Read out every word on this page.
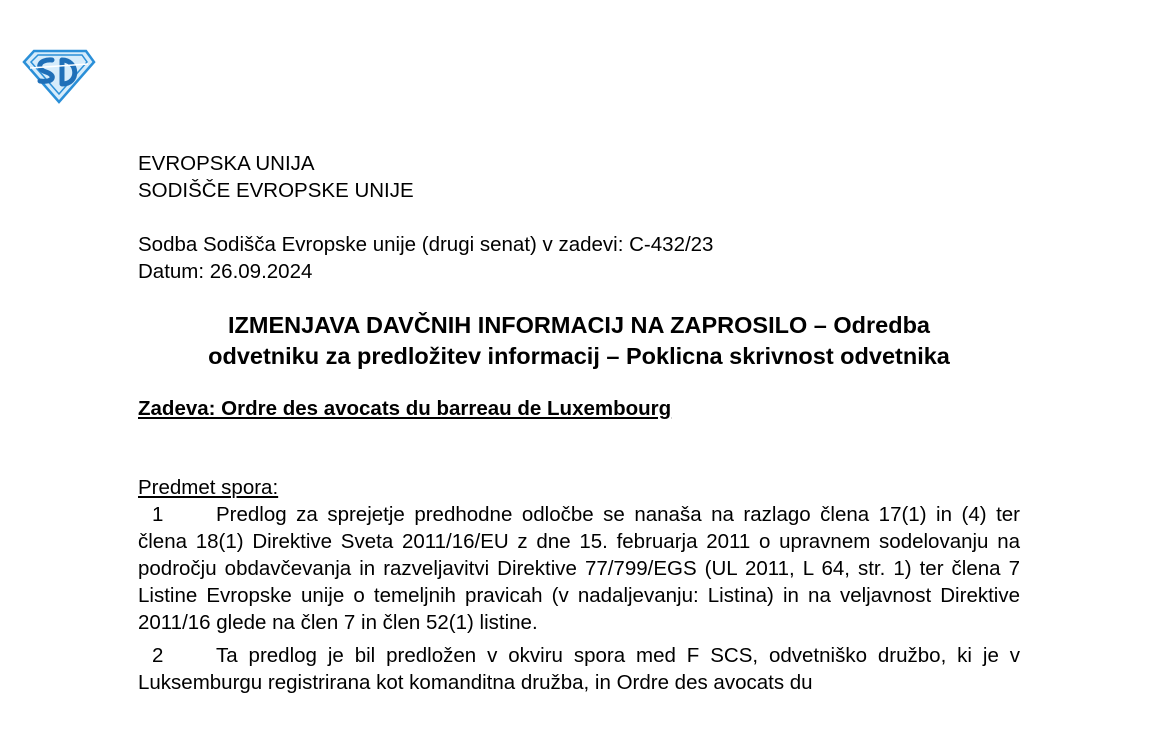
EVROPSKA UNIJA
SODIŠČE EVROPSKE UNIJE
Sodba Sodišča Evropske unije (drugi senat) v zadevi: C-432/23
Datum: 26.09.2024
IZMENJAVA DAVČNIH INFORMACIJ NA ZAPROSILO – Odredba
odvetniku za predložitev informacij – Poklicna skrivnost odvetnika
Zadeva: Ordre des avocats du barreau de Luxembourg
Predmet spora:
1	Predlog za sprejetje predhodne odločbe se nanaša na razlago člena 17(1) in (4) ter člena 18(1) Direktive Sveta 2011/16/EU z dne 15. februarja 2011 o upravnem sodelovanju na področju obdavčevanja in razveljavitvi Direktive 77/799/EGS (UL 2011, L 64, str. 1) ter člena 7 Listine Evropske unije o temeljnih pravicah (v nadaljevanju: Listina) in na veljavnost Direktive 2011/16 glede na člen 7 in člen 52(1) listine.
2	Ta predlog je bil predložen v okviru spora med F SCS, odvetniško družbo, ki je v Luksemburgu registrirana kot komanditna družba, in Ordre des avocats du
